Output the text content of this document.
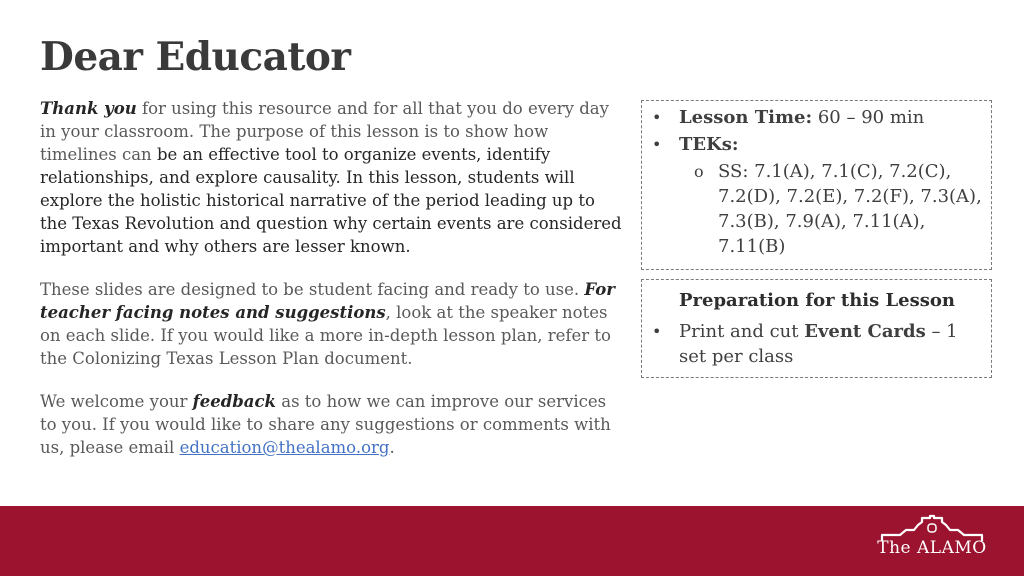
Dear Educator

Thank you for using this resource and for all that you do every day in your classroom. The purpose of this lesson is to show how timelines can be an effective tool to organize events, identify relationships, and explore causality. In this lesson, students will explore the holistic historical narrative of the period leading up to the Texas Revolution and question why certain events are considered important and why others are lesser known.

These slides are designed to be student facing and ready to use. For teacher facing notes and suggestions, look at the speaker notes on each slide. If you would like a more in-depth lesson plan, refer to the Colonizing Texas Lesson Plan document.

We welcome your feedback as to how we can improve our services to you. If you would like to share any suggestions or comments with us, please email education@thealamo.org.

• Lesson Time: 60 – 90 min
• TEKs:
o SS: 7.1(A), 7.1(C), 7.2(C), 7.2(D), 7.2(E), 7.2(F), 7.3(A), 7.3(B), 7.9(A), 7.11(A), 7.11(B)
Preparation for this Lesson
• Print and cut Event Cards – 1 set per class
The ALAMO
